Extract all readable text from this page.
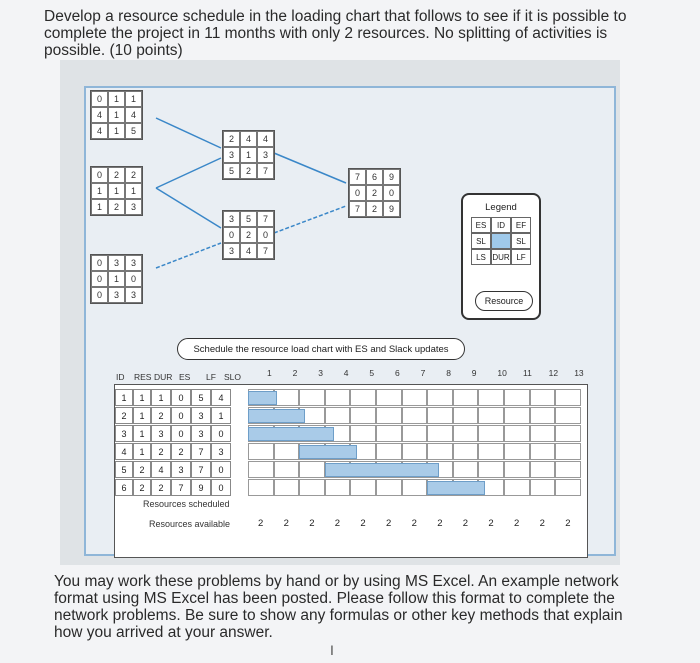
Develop a resource schedule in the loading chart that follows to see if it is possible to complete the project in 11 months with only 2 resources. No splitting of activities is possible. (10 points)
0	1	1
4	1	4
4	1	5
0	2	2
1	1	1
1	2	3
0	3	3
0	1	0
0	3	3
2	4	4
3	1	3
5	2	7
3	5	7
0	2	0
3	4	7
7	6	9
0	2	0
7	2	9	Legend
ES	ID	EF
SL	SL
LS DUR LF
Resource
Schedule the resource load chart with ES and Slack updates
ID RES DUR ES LF SLO	1 2 3 4 5 6 7 8 9 10 11 12 13
1	1	1	0	5	4
2	1	2	0	3	1
3	1	3	0	3	0
4	1	2	2	7	3
5	2	4	3	7	0
6	2	2	7	9	0
Resources scheduled
Resources available	2 2 2 2 2 2 2 2 2 2 2 2 2
You may work these problems by hand or by using MS Excel. An example network format using MS Excel has been posted. Please follow this format to complete the network problems. Be sure to show any formulas or other key methods that explain how you arrived at your answer.
I
